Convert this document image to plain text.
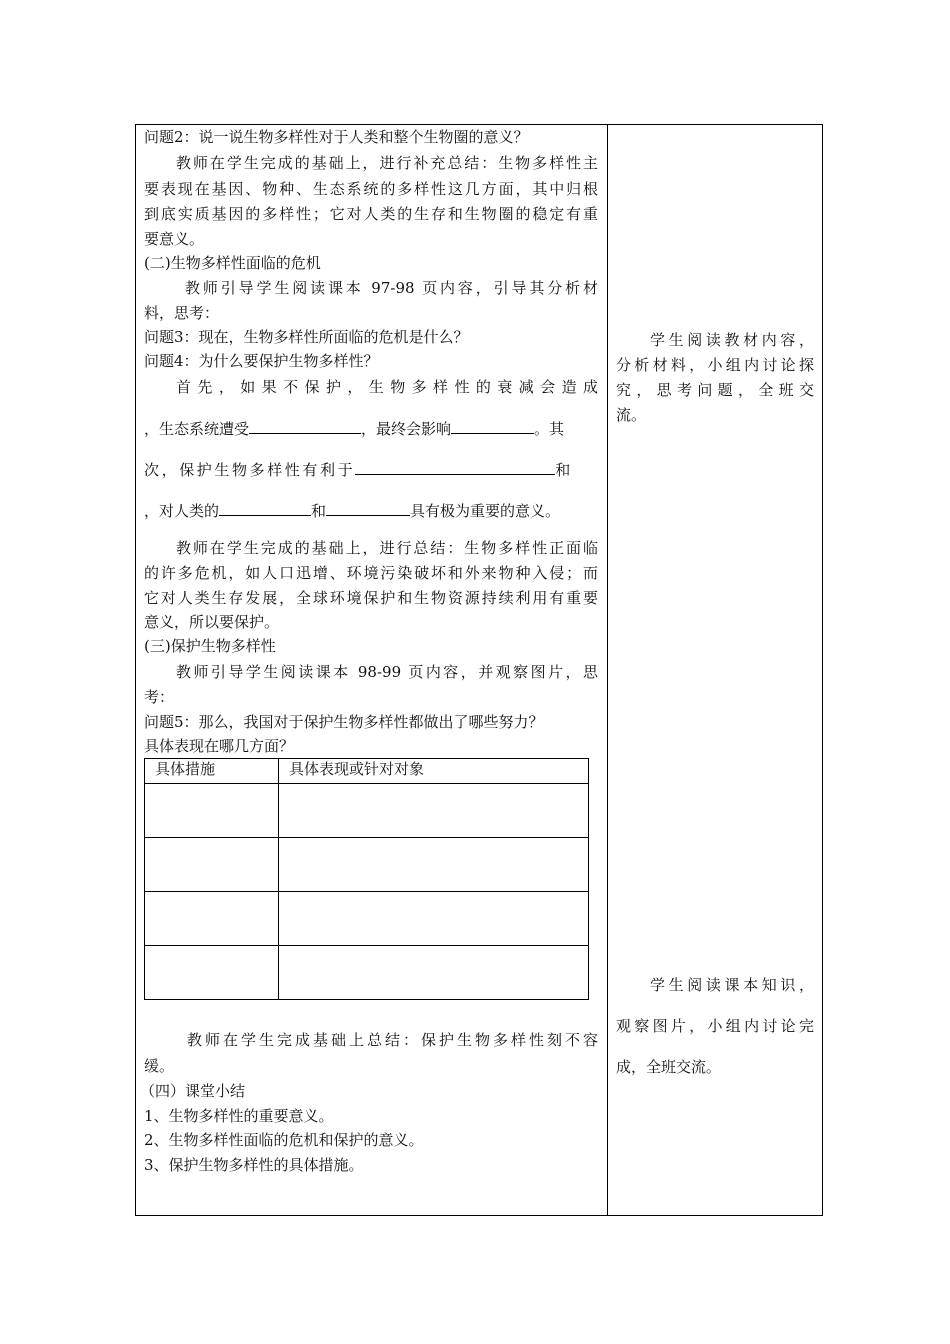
问题2：说一说生物多样性对于人类和整个生物圈的意义？
教师在学生完成的基础上，进行补充总结：生物多样性主
要表现在基因、物种、生态系统的多样性这几方面，其中归根
到底实质基因的多样性；它对人类的生存和生物圈的稳定有重
要意义。
(二)生物多样性面临的危机
教师引导学生阅读课本 97-98 页内容，引导其分析材
料，思考：
问题3：现在，生物多样性所面临的危机是什么？
问题4：为什么要保护生物多样性？
首先，如果不保护，生物多样性的衰减会造成
，生态系统遭受	，最终会影响	。其
次，保护生物多样性有利于	和
，对人类的	和	具有极为重要的意义。
教师在学生完成的基础上，进行总结：生物多样性正面临
的许多危机，如人口迅增、环境污染破坏和外来物种入侵；而
它对人类生存发展，全球环境保护和生物资源持续利用有重要
意义，所以要保护。
(三)保护生物多样性
教师引导学生阅读课本 98-99 页内容，并观察图片，思
考：
问题5：那么，我国对于保护生物多样性都做出了哪些努力？
具体表现在哪几方面？
具体措施	具体表现或针对对象

教师在学生完成基础上总结：保护生物多样性刻不容
缓。
（四）课堂小结
1、生物多样性的重要意义。
2、生物多样性面临的危机和保护的意义。
3、保护生物多样性的具体措施。
学生阅读教材内容，
分析材料，小组内讨论探
究，思考问题，全班交
流。
学生阅读课本知识，
观察图片，小组内讨论完
成，全班交流。
